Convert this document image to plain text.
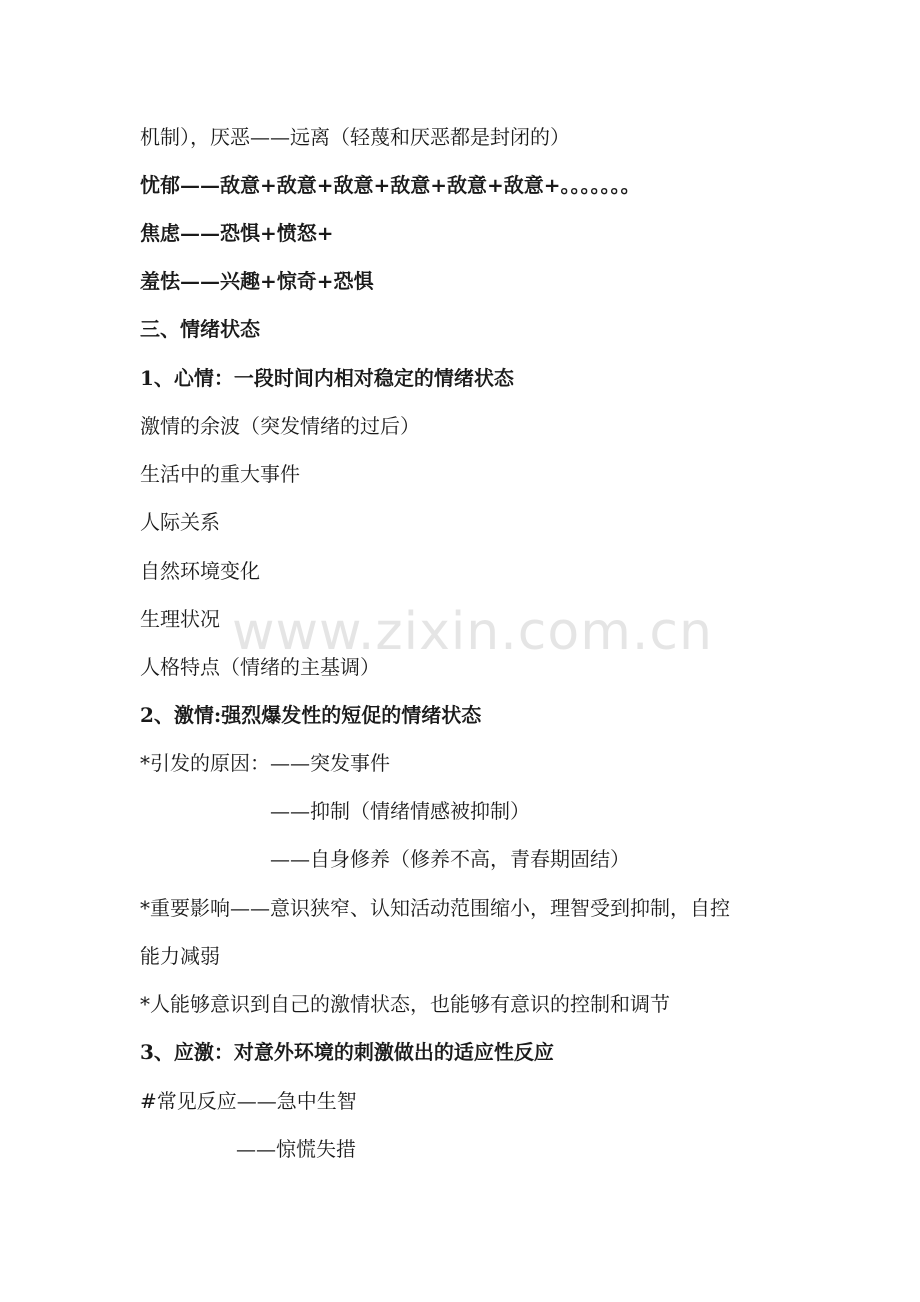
机制），厌恶——远离（轻蔑和厌恶都是封闭的）
忧郁——敌意+敌意+敌意+敌意+敌意+敌意+。。。。。。。
焦虑——恐惧+愤怒+
羞怯——兴趣+惊奇+恐惧
三、情绪状态
1、心情：一段时间内相对稳定的情绪状态
激情的余波（突发情绪的过后）
生活中的重大事件
人际关系
自然环境变化
生理状况
人格特点（情绪的主基调）
2、激情:强烈爆发性的短促的情绪状态
*引发的原因：——突发事件
——抑制（情绪情感被抑制）
——自身修养（修养不高，青春期固结）
*重要影响——意识狭窄、认知活动范围缩小，理智受到抑制，自控
能力减弱
*人能够意识到自己的激情状态，也能够有意识的控制和调节
3、应激：对意外环境的刺激做出的适应性反应
#常见反应——急中生智
——惊慌失措
www.zixin.com.cn
